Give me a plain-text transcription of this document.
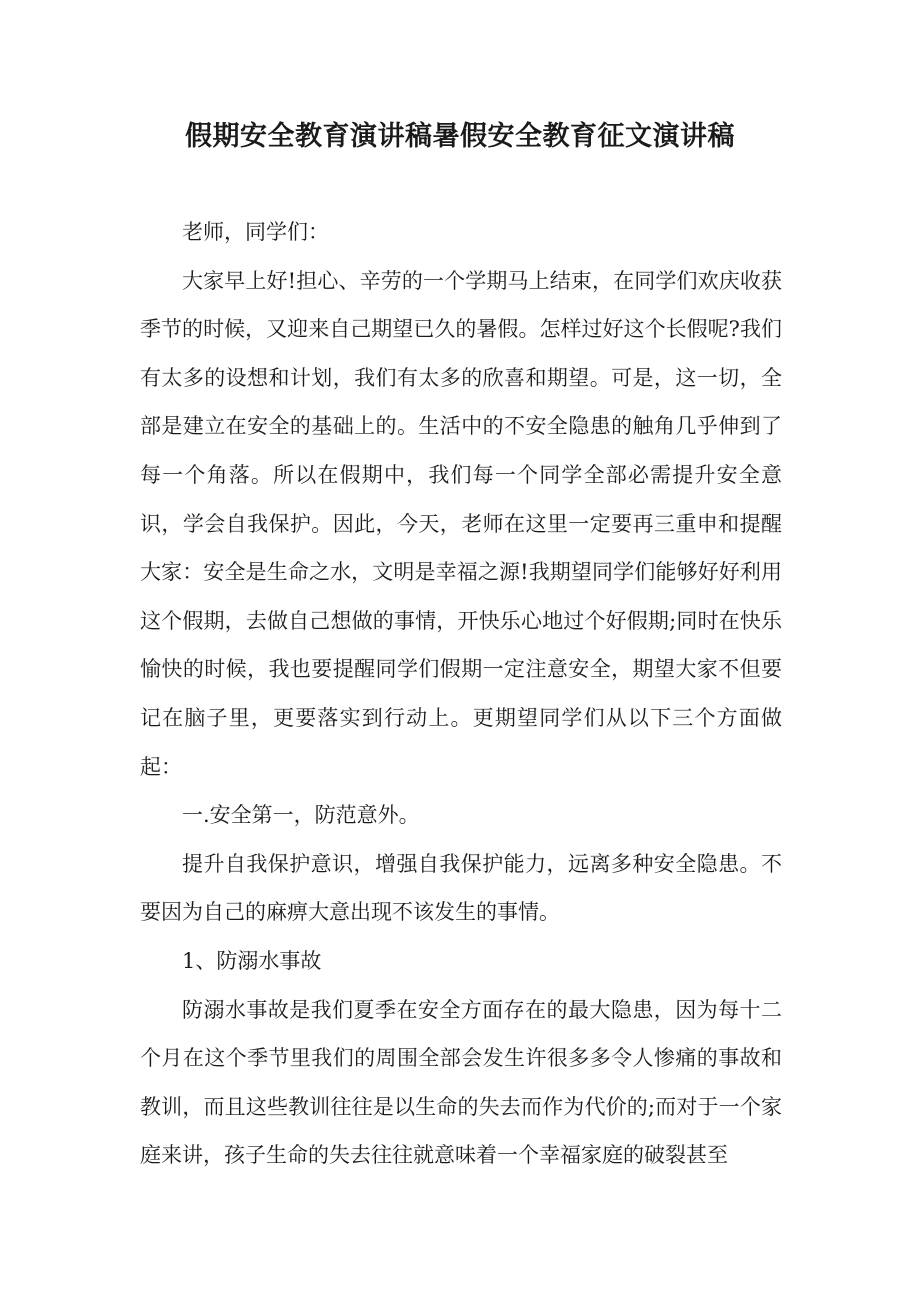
假期安全教育演讲稿暑假安全教育征文演讲稿

老师，同学们：

大家早上好!担心、辛劳的一个学期马上结束，在同学们欢庆收获季节的时候，又迎来自己期望已久的暑假。怎样过好这个长假呢?我们有太多的设想和计划，我们有太多的欣喜和期望。可是，这一切，全部是建立在安全的基础上的。生活中的不安全隐患的触角几乎伸到了每一个角落。所以在假期中，我们每一个同学全部必需提升安全意识，学会自我保护。因此，今天，老师在这里一定要再三重申和提醒大家：安全是生命之水，文明是幸福之源!我期望同学们能够好好利用这个假期，去做自己想做的事情，开快乐心地过个好假期;同时在快乐愉快的时候，我也要提醒同学们假期一定注意安全，期望大家不但要记在脑子里，更要落实到行动上。更期望同学们从以下三个方面做起：

一.安全第一，防范意外。

提升自我保护意识，增强自我保护能力，远离多种安全隐患。不要因为自己的麻痹大意出现不该发生的事情。

1、防溺水事故

防溺水事故是我们夏季在安全方面存在的最大隐患，因为每十二个月在这个季节里我们的周围全部会发生许很多多令人惨痛的事故和教训，而且这些教训往往是以生命的失去而作为代价的;而对于一个家庭来讲，孩子生命的失去往往就意味着一个幸福家庭的破裂甚至
